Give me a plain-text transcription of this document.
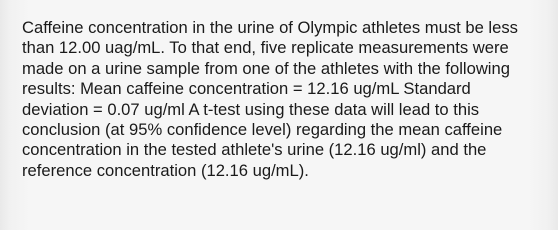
Caffeine concentration in the urine of Olympic athletes must be less than 12.00 uag/mL. To that end, five replicate measurements were made on a urine sample from one of the athletes with the following results: Mean caffeine concentration = 12.16 ug/mL Standard deviation = 0.07 ug/ml A t-test using these data will lead to this conclusion (at 95% confidence level) regarding the mean caffeine concentration in the tested athlete's urine (12.16 ug/ml) and the reference concentration (12.16 ug/mL).
